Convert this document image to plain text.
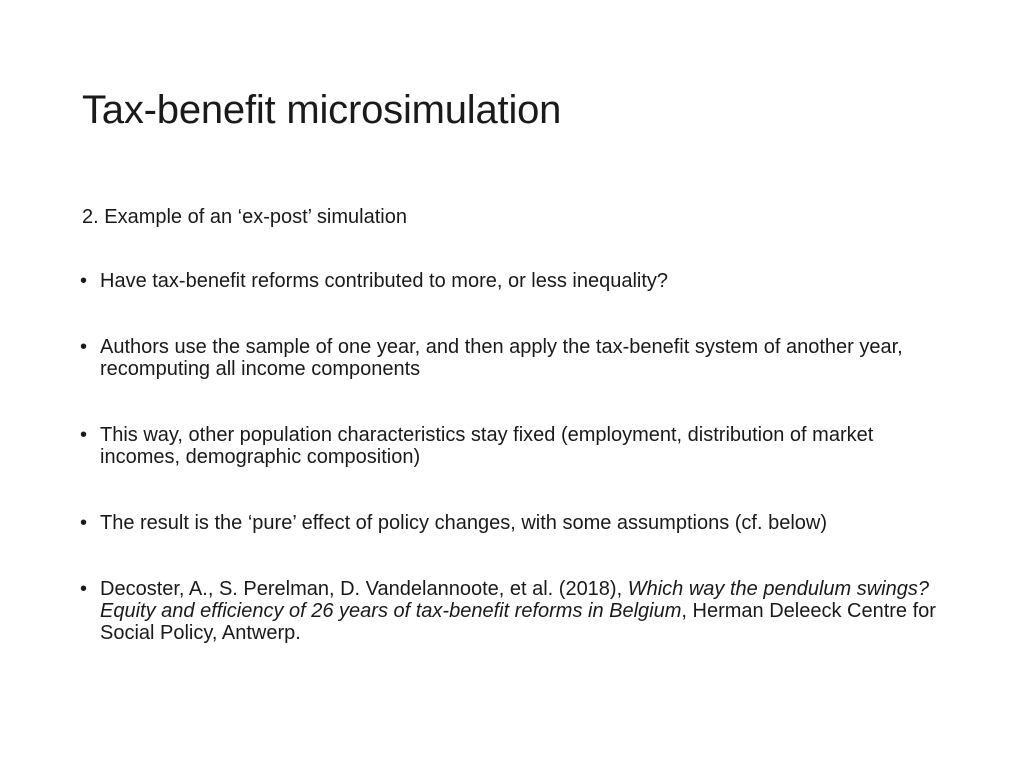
Tax-benefit microsimulation

2. Example of an ‘ex-post’ simulation

• Have tax-benefit reforms contributed to more, or less inequality?
• Authors use the sample of one year, and then apply the tax-benefit system of another year, recomputing all income components
• This way, other population characteristics stay fixed (employment, distribution of market incomes, demographic composition)
• The result is the ‘pure’ effect of policy changes, with some assumptions (cf. below)
• Decoster, A., S. Perelman, D. Vandelannoote, et al. (2018), Which way the pendulum swings? Equity and efficiency of 26 years of tax-benefit reforms in Belgium, Herman Deleeck Centre for Social Policy, Antwerp.
